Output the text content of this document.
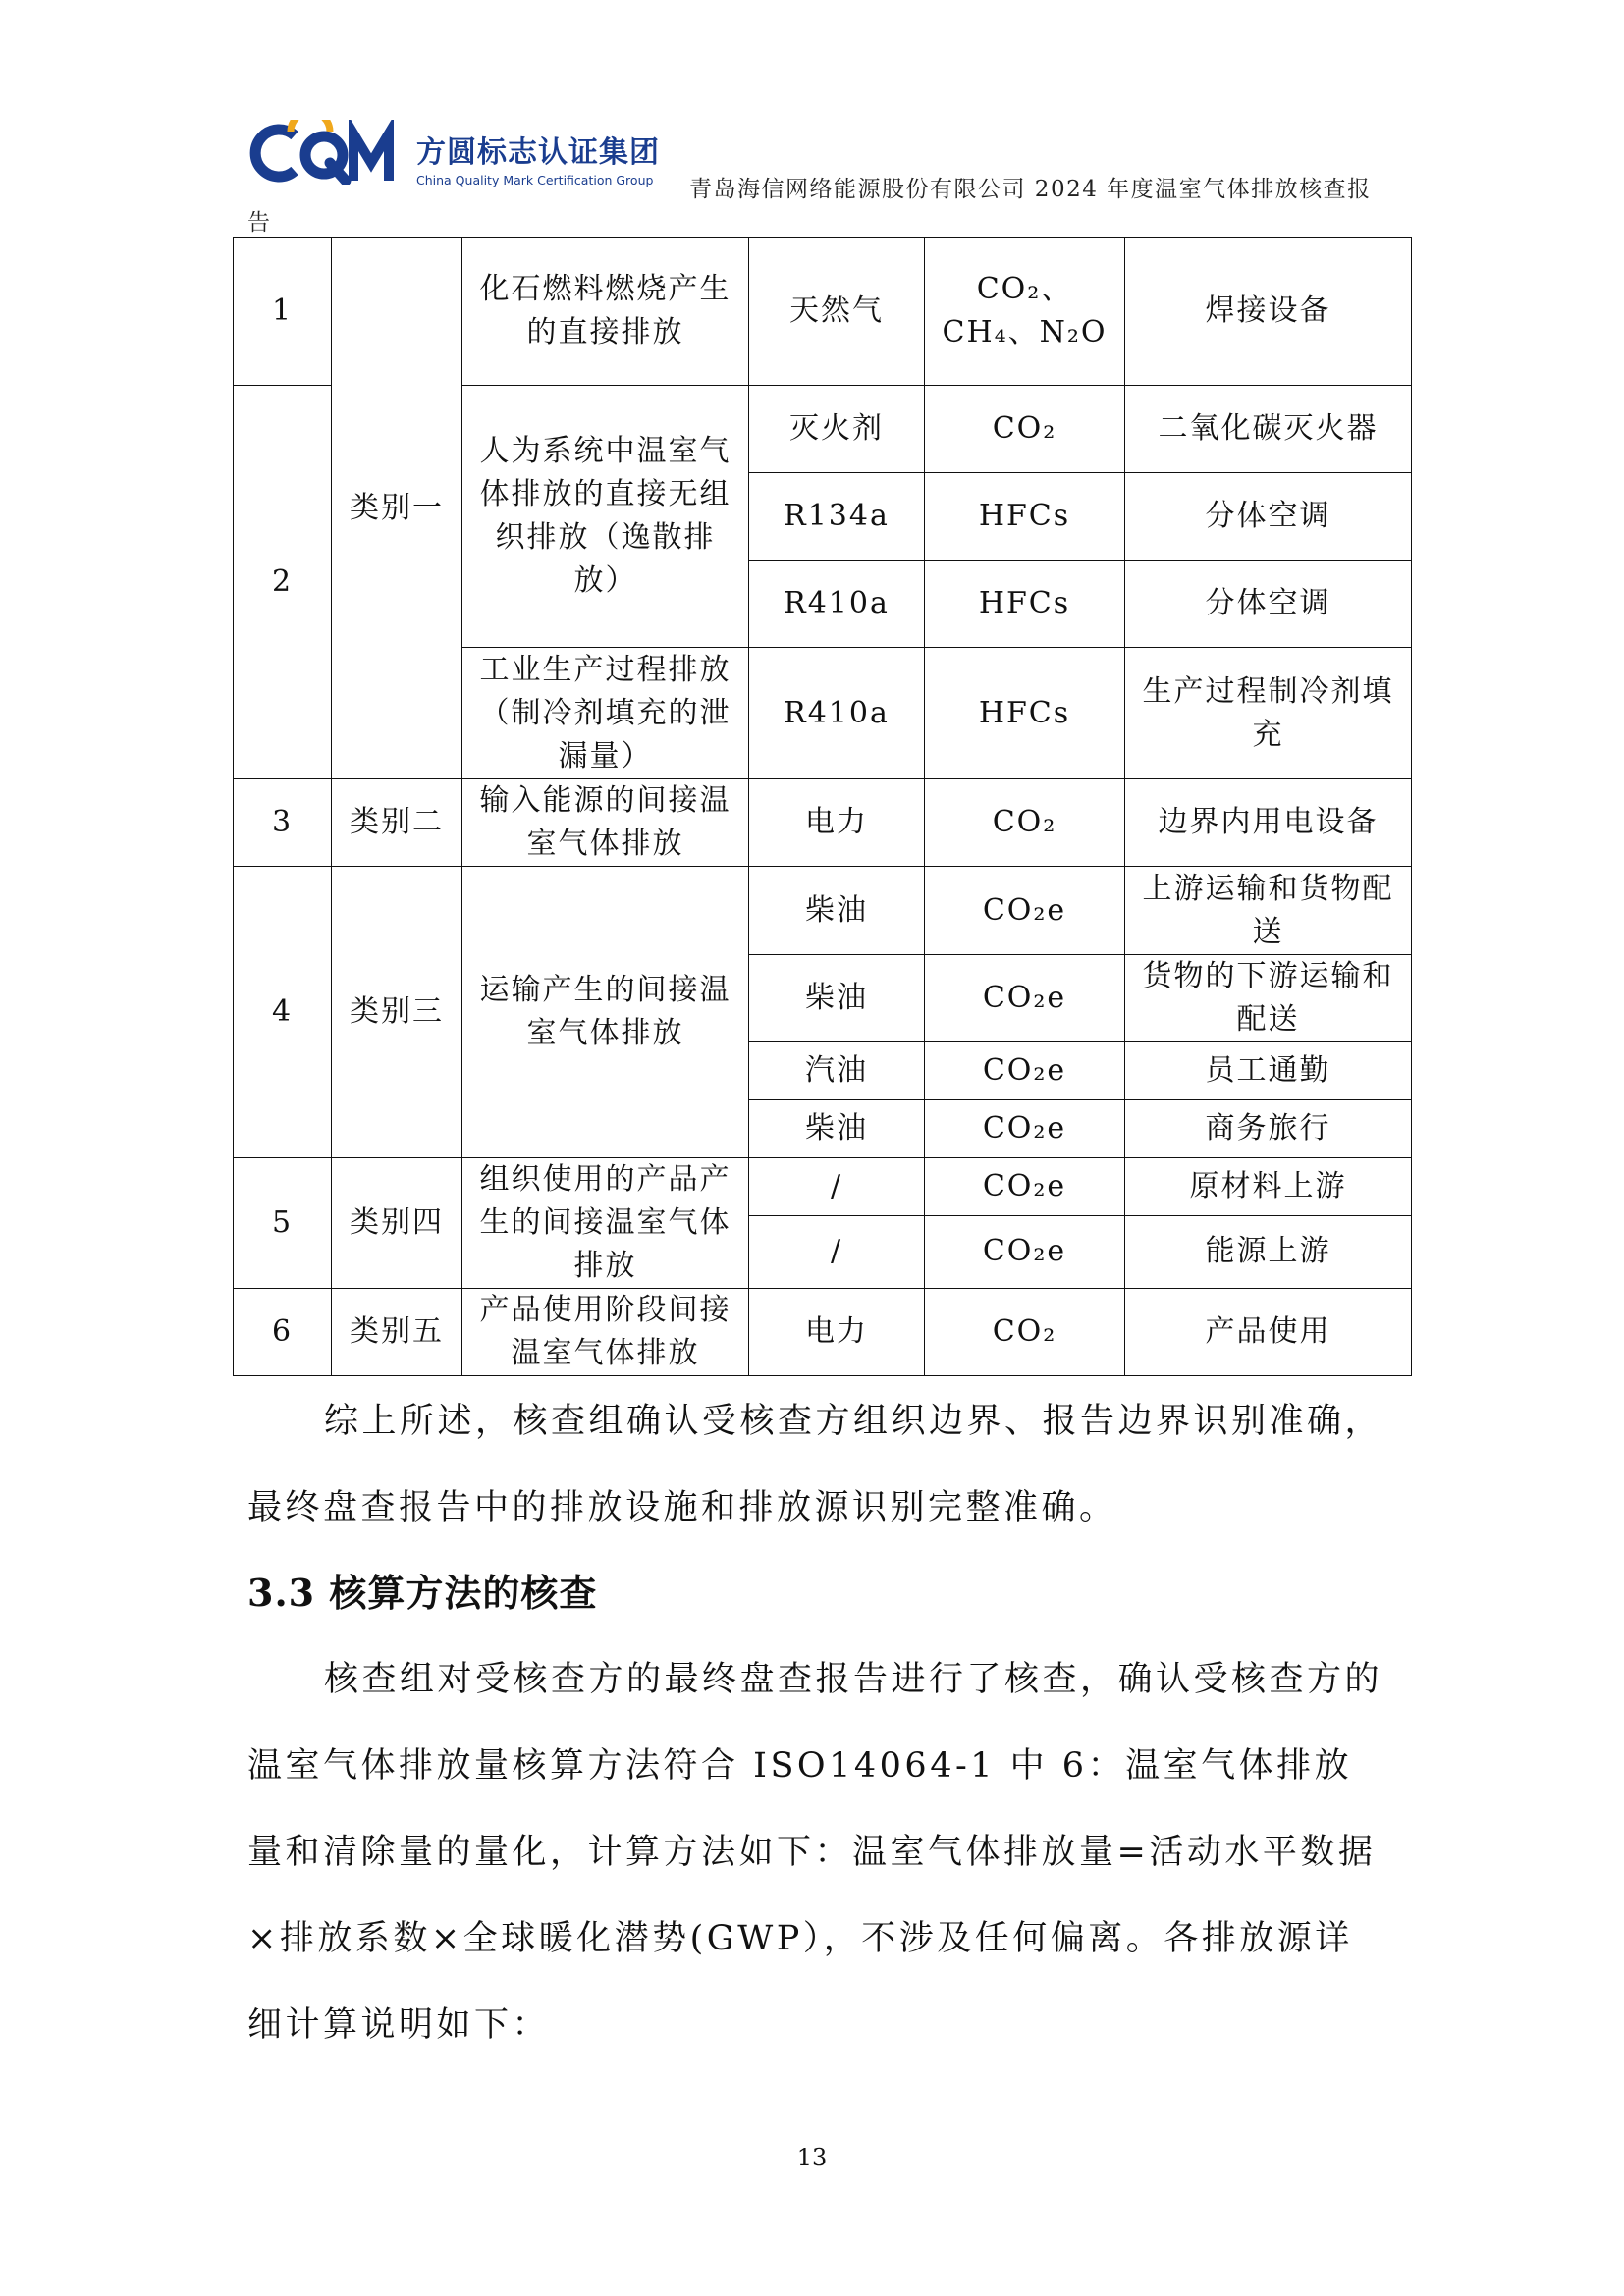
方圆标志认证集团
China Quality Mark Certification Group 青岛海信网络能源股份有限公司 2024 年度温室气体排放核查报
告
1	类别一	化石燃料燃烧产生的直接排放	天然气	CO₂、CH₄、N₂O	焊接设备
2		人为系统中温室气体排放的直接无组织排放（逸散排放）	灭火剂	CO₂	二氧化碳灭火器
			R134a	HFCs	分体空调
			R410a	HFCs	分体空调
		工业生产过程排放（制冷剂填充的泄漏量）	R410a	HFCs	生产过程制冷剂填充
3	类别二	输入能源的间接温室气体排放	电力	CO₂	边界内用电设备
4	类别三	运输产生的间接温室气体排放	柴油	CO₂e	上游运输和货物配送
			柴油	CO₂e	货物的下游运输和配送
			汽油	CO₂e	员工通勤
			柴油	CO₂e	商务旅行
5	类别四	组织使用的产品产生的间接温室气体排放	/	CO₂e	原材料上游
			/	CO₂e	能源上游
6	类别五	产品使用阶段间接温室气体排放	电力	CO₂	产品使用

综上所述，核查组确认受核查方组织边界、报告边界识别准确，最终盘查报告中的排放设施和排放源识别完整准确。

3.3 核算方法的核查

核查组对受核查方的最终盘查报告进行了核查，确认受核查方的温室气体排放量核算方法符合 ISO14064-1 中 6：温室气体排放量和清除量的量化，计算方法如下：温室气体排放量=活动水平数据×排放系数×全球暖化潜势(GWP），不涉及任何偏离。各排放源详细计算说明如下：

13
